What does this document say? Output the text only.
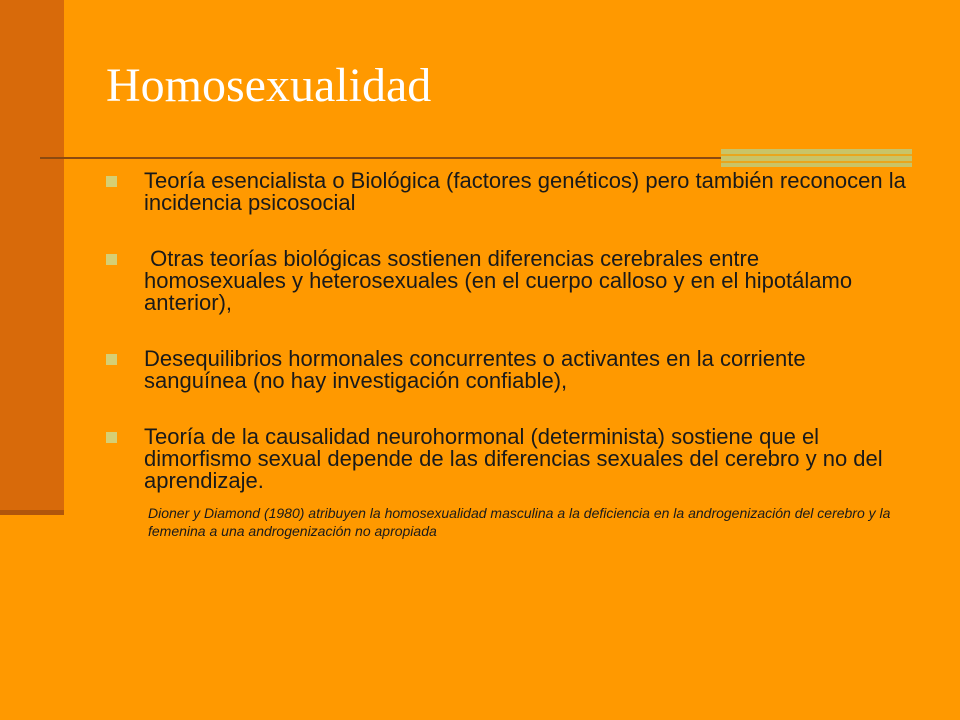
Homosexualidad
Teoría esencialista o Biológica (factores genéticos) pero también reconocen la incidencia psicosocial
Otras teorías biológicas sostienen diferencias cerebrales entre homosexuales y heterosexuales (en el cuerpo calloso y en el hipotálamo anterior),
Desequilibrios hormonales concurrentes o activantes en la corriente sanguínea (no hay investigación confiable),
Teoría de la causalidad neurohormonal (determinista) sostiene que el dimorfismo sexual depende de las diferencias sexuales del cerebro y no del aprendizaje.
Dioner y Diamond (1980) atribuyen la homosexualidad masculina a la deficiencia en la androgenización del cerebro y la femenina a una androgenización no apropiada
